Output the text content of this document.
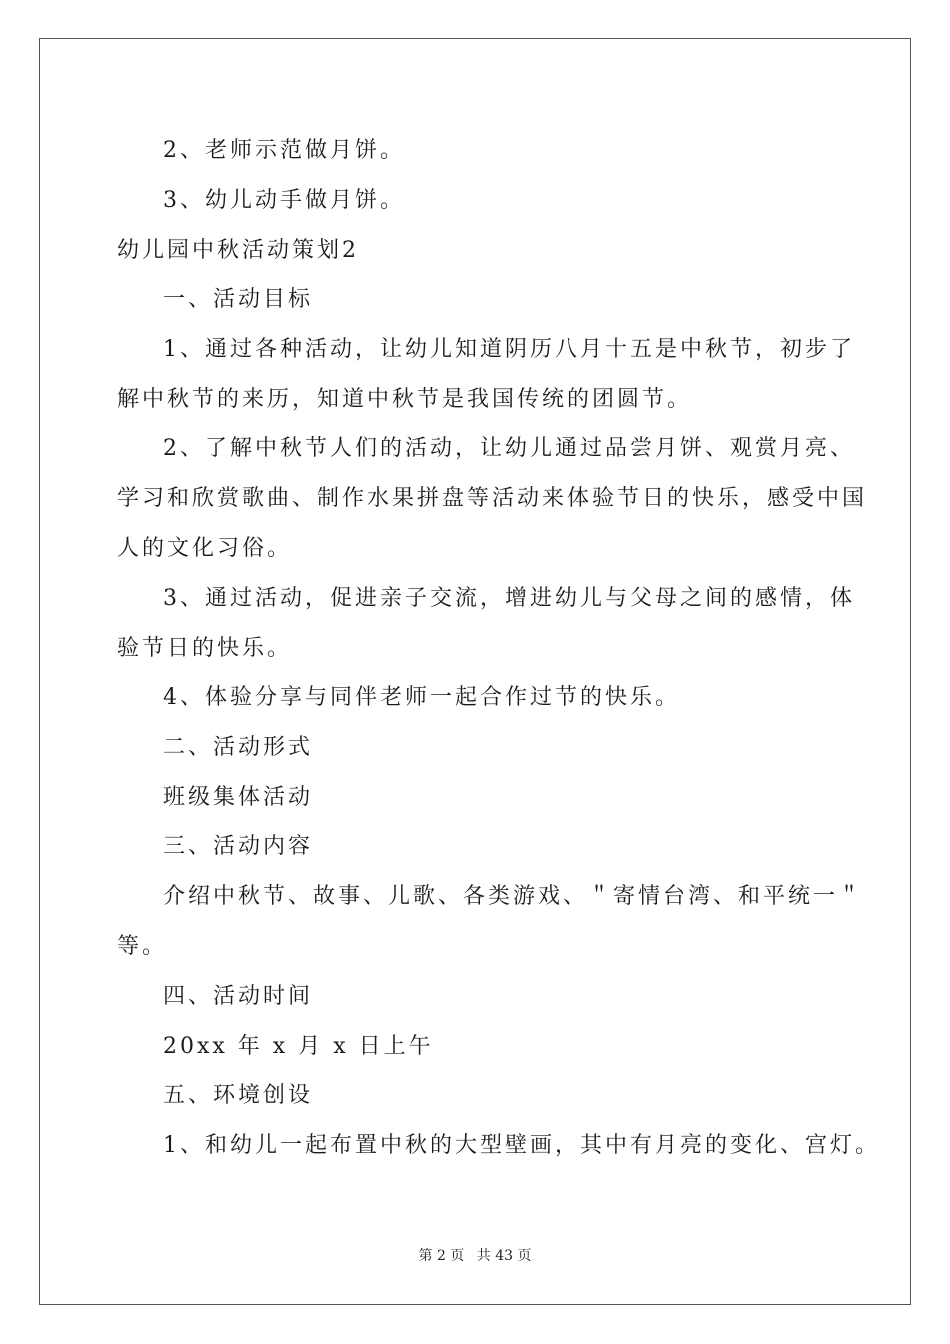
2、老师示范做月饼。
3、幼儿动手做月饼。
幼儿园中秋活动策划2
一、活动目标
1、通过各种活动，让幼儿知道阴历八月十五是中秋节，初步了
解中秋节的来历，知道中秋节是我国传统的团圆节。
2、了解中秋节人们的活动，让幼儿通过品尝月饼、观赏月亮、
学习和欣赏歌曲、制作水果拼盘等活动来体验节日的快乐，感受中国
人的文化习俗。
3、通过活动，促进亲子交流，增进幼儿与父母之间的感情，体
验节日的快乐。
4、体验分享与同伴老师一起合作过节的快乐。
二、活动形式
班级集体活动
三、活动内容
介绍中秋节、故事、儿歌、各类游戏、＂寄情台湾、和平统一＂
等。
四、活动时间
20xx 年 x 月 x 日上午
五、环境创设
1、和幼儿一起布置中秋的大型壁画，其中有月亮的变化、宫灯。
第 2 页 共 43 页
